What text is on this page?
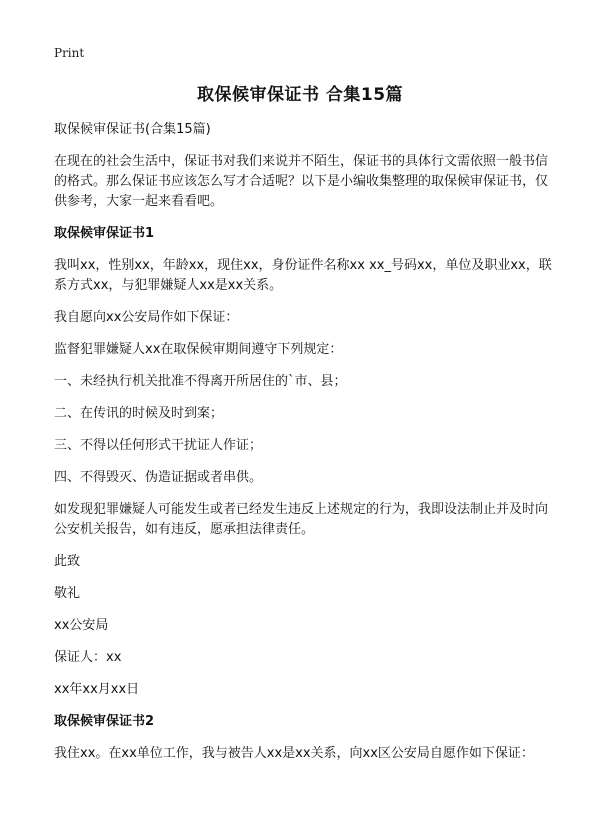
Print
取保候审保证书 合集15篇

取保候审保证书(合集15篇)

在现在的社会生活中，保证书对我们来说并不陌生，保证书的具体行文需依照一般书信的格式。那么保证书应该怎么写才合适呢？以下是小编收集整理的取保候审保证书，仅供参考，大家一起来看看吧。

取保候审保证书1

我叫xx，性别xx，年龄xx，现住xx，身份证件名称xx xx_号码xx，单位及职业xx，联系方式xx，与犯罪嫌疑人xx是xx关系。

我自愿向xx公安局作如下保证：

监督犯罪嫌疑人xx在取保候审期间遵守下列规定：

一、未经执行机关批准不得离开所居住的`市、县；

二、在传讯的时候及时到案；

三、不得以任何形式干扰证人作证；

四、不得毁灭、伪造证据或者串供。

如发现犯罪嫌疑人可能发生或者已经发生违反上述规定的行为，我即设法制止并及时向公安机关报告，如有违反，愿承担法律责任。

此致

敬礼

xx公安局

保证人：xx

xx年xx月xx日

取保候审保证书2

我住xx。在xx单位工作，我与被告人xx是xx关系，向xx区公安局自愿作如下保证：
